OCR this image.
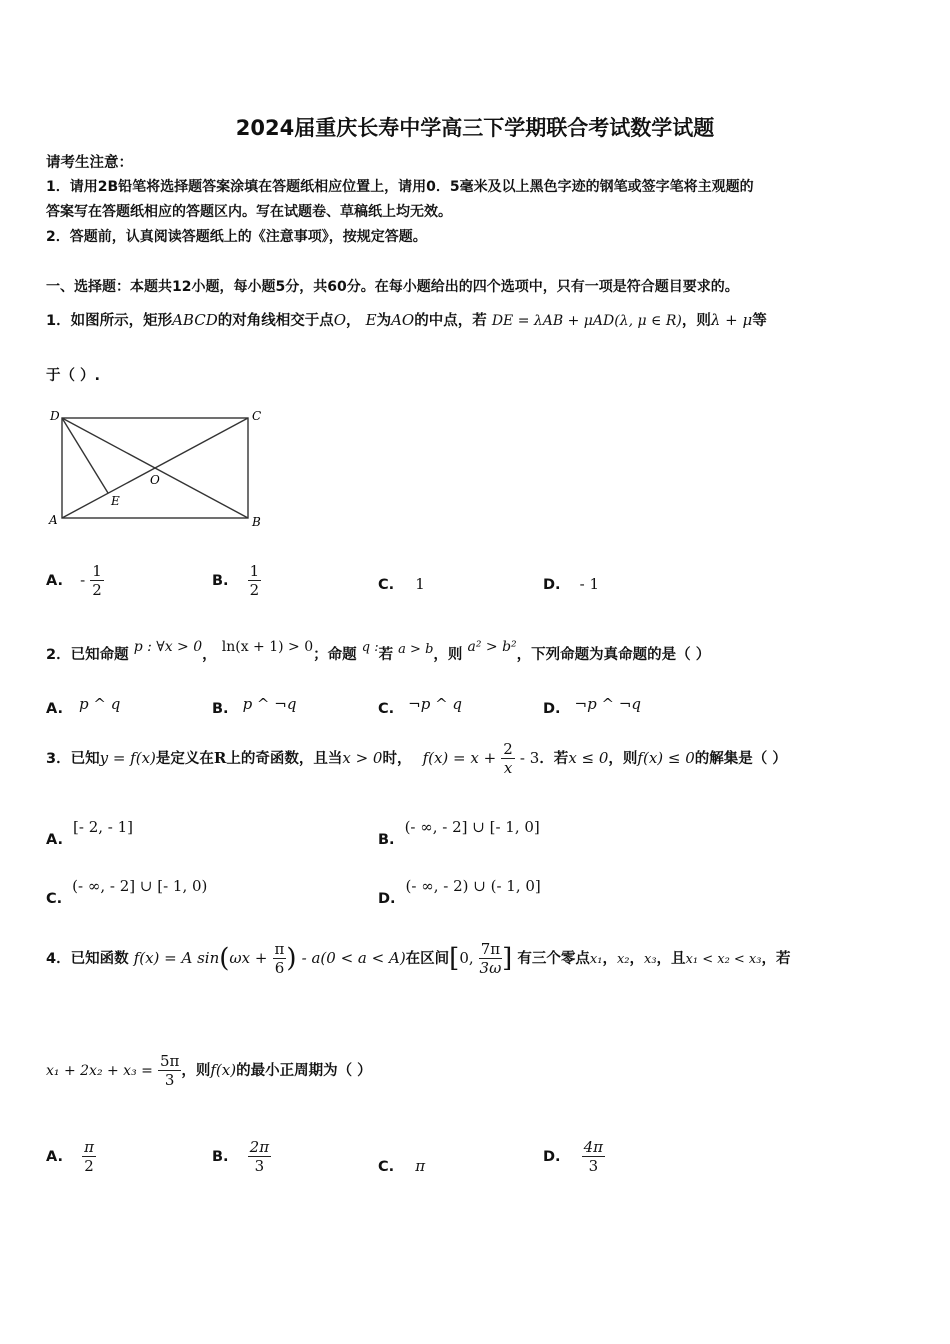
2024届重庆长寿中学高三下学期联合考试数学试题
请考生注意：
1．请用2B铅笔将选择题答案涂填在答题纸相应位置上，请用0．5毫米及以上黑色字迹的钢笔或签字笔将主观题的
答案写在答题纸相应的答题区内。写在试题卷、草稿纸上均无效。
2．答题前，认真阅读答题纸上的《注意事项》，按规定答题。
一、选择题：本题共12小题，每小题5分，共60分。在每小题给出的四个选项中，只有一项是符合题目要求的。
1．如图所示，矩形ABCD的对角线相交于点O， E为AO的中点，若 DE = λAB + μAD(λ, μ ∈ R)，则λ + μ等
于（ ）.
D	C
A	B
O
E
A. - $\frac{1}{2}$	B. $\frac{1}{2}$	C. 1	D. - 1
2．已知命题 p : ∀x > 0， ln(x + 1) > 0；命题 $^{q :}$若 $^{a > b}$，则 a² > b²，下列命题为真命题的是（ ）
A. p ^ q	B. p ^ ¬q	C. ¬p ^ q	D. ¬p ^ ¬q
3．已知y = f(x)是定义在R上的奇函数，且当x > 0时， $f(x) = x + \frac{2}{x} - 3$．若x ≤ 0，则f(x) ≤ 0的解集是（ ）
A.[- 2, - 1]
B.(- ∞, - 2] ∪ [- 1, 0]
C.(- ∞, - 2] ∪ [- 1, 0)
D.(- ∞, - 2) ∪ (- 1, 0]
4．已知函数 f(x) = A $\sin(\omega x + \frac{\pi}{6}$ ) - a(0 < a < A)在区间[0, $\frac{7\pi}{3\omega}$ ] 有三个零点x₁，x₂，x₃，且x₁ < x₂ < x₃，若
$x_1 + 2x_2 + x_3 = \frac{5\pi}{3}$ ，则f(x)的最小正周期为（ ）
A. $\frac{\pi}{2}$	B. $\frac{2\pi}{3}$	C. π	D. $\frac{4\pi}{3}$
